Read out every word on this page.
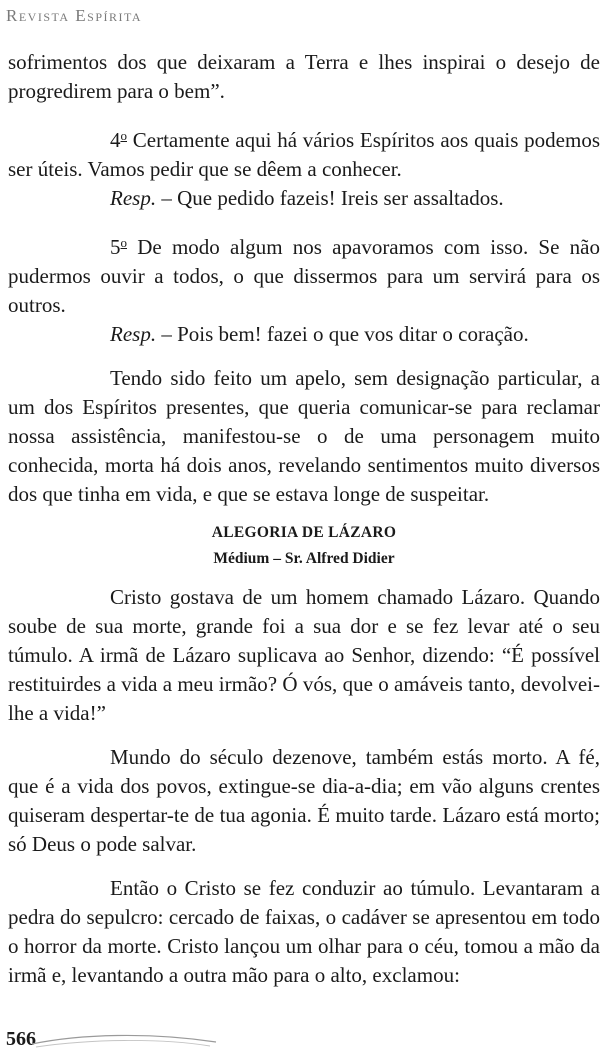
Revista Espírita

sofrimentos dos que deixaram a Terra e lhes inspirai o desejo de progredirem para o bem”.

4$^o$ Certamente aqui há vários Espíritos aos quais podemos ser úteis. Vamos pedir que se dêem a conhecer.

Resp. – Que pedido fazeis! Ireis ser assaltados.

5$^o$ De modo algum nos apavoramos com isso. Se não pudermos ouvir a todos, o que dissermos para um servirá para os outros.

Resp. – Pois bem! fazei o que vos ditar o coração.

Tendo sido feito um apelo, sem designação particular, a um dos Espíritos presentes, que queria comunicar-se para reclamar nossa assistência, manifestou-se o de uma personagem muito conhecida, morta há dois anos, revelando sentimentos muito diversos dos que tinha em vida, e que se estava longe de suspeitar.

ALEGORIA DE LÁZARO
Médium – Sr. Alfred Didier

Cristo gostava de um homem chamado Lázaro. Quando soube de sua morte, grande foi a sua dor e se fez levar até o seu túmulo. A irmã de Lázaro suplicava ao Senhor, dizendo: “É possível restituirdes a vida a meu irmão? Ó vós, que o amáveis tanto, devolvei-lhe a vida!”

Mundo do século dezenove, também estás morto. A fé, que é a vida dos povos, extingue-se dia-a-dia; em vão alguns crentes quiseram despertar-te de tua agonia. É muito tarde. Lázaro está morto; só Deus o pode salvar.

Então o Cristo se fez conduzir ao túmulo. Levantaram a pedra do sepulcro: cercado de faixas, o cadáver se apresentou em todo o horror da morte. Cristo lançou um olhar para o céu, tomou a mão da irmã e, levantando a outra mão para o alto, exclamou:

566
